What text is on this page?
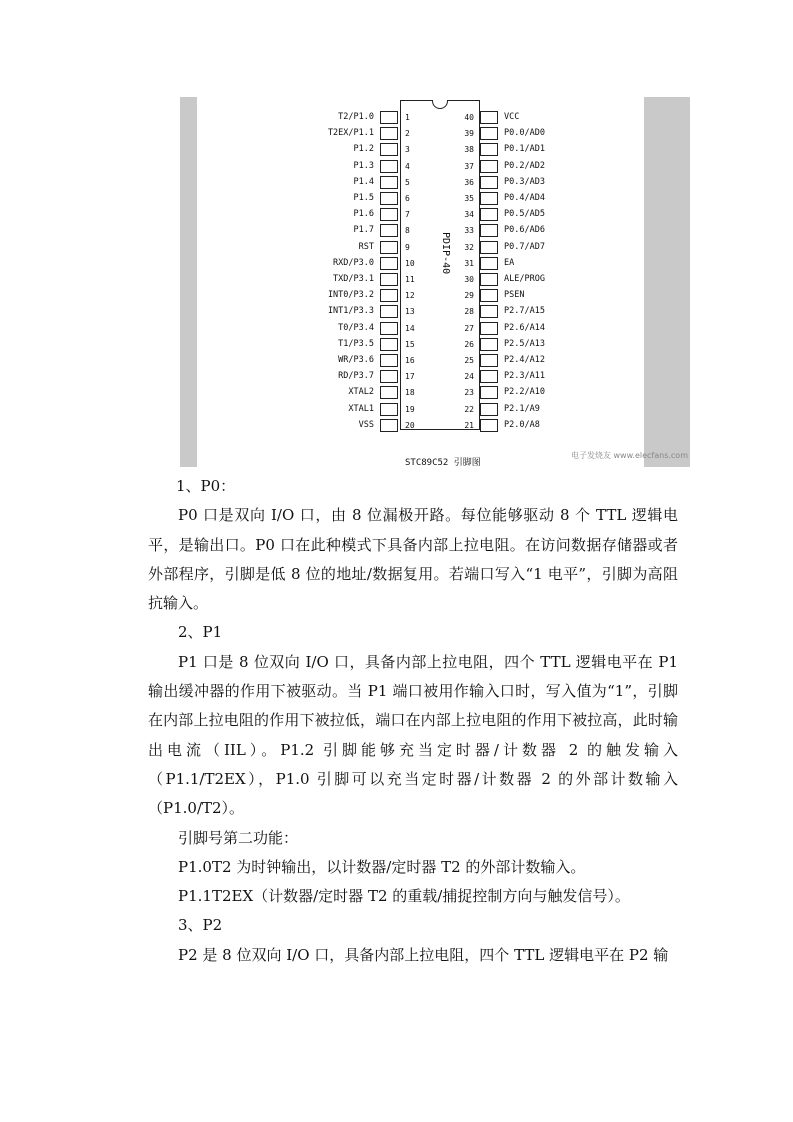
PDIP-40
T2/P1.0	1
T2EX/P1.1	2
P1.2	3
P1.3	4
P1.4	5
P1.5	6
P1.6	7
P1.7	8
RST	9
RXD/P3.0	10
TXD/P3.1	11
INT0/P3.2	12
INT1/P3.3	13
T0/P3.4	14
T1/P3.5	15
WR/P3.6	16
RD/P3.7	17
XTAL2	18
XTAL1	19
VSS	20
40	VCC
39	P0.0/AD0
38	P0.1/AD1
37	P0.2/AD2
36	P0.3/AD3
35	P0.4/AD4
34	P0.5/AD5
33	P0.6/AD6
32	P0.7/AD7
31	EA
30	ALE/PROG
29	PSEN
28	P2.7/A15
27	P2.6/A14
26	P2.5/A13
25	P2.4/A12
24	P2.3/A11
23	P2.2/A10
22	P2.1/A9
21	P2.0/A8
STC89C52 引脚图
电子发烧友 www.elecfans.com

1、P0：

P0 口是双向 I/O 口，由 8 位漏极开路。每位能够驱动 8 个 TTL 逻辑电平，是输出口。P0 口在此种模式下具备内部上拉电阻。在访问数据存储器或者外部程序，引脚是低 8 位的地址/数据复用。若端口写入“1 电平”，引脚为高阻抗输入。

2、P1

P1 口是 8 位双向 I/O 口，具备内部上拉电阻，四个 TTL 逻辑电平在 P1 输出缓冲器的作用下被驱动。当 P1 端口被用作输入口时，写入值为“1”，引脚在内部上拉电阻的作用下被拉低，端口在内部上拉电阻的作用下被拉高，此时输出电流（IIL）。P1.2 引脚能够充当定时器/计数器 2 的触发输入（P1.1/T2EX），P1.0 引脚可以充当定时器/计数器 2 的外部计数输入（P1.0/T2）。

引脚号第二功能：

P1.0T2 为时钟输出，以计数器/定时器 T2 的外部计数输入。

P1.1T2EX（计数器/定时器 T2 的重载/捕捉控制方向与触发信号）。

3、P2

P2 是 8 位双向 I/O 口，具备内部上拉电阻，四个 TTL 逻辑电平在 P2 输
